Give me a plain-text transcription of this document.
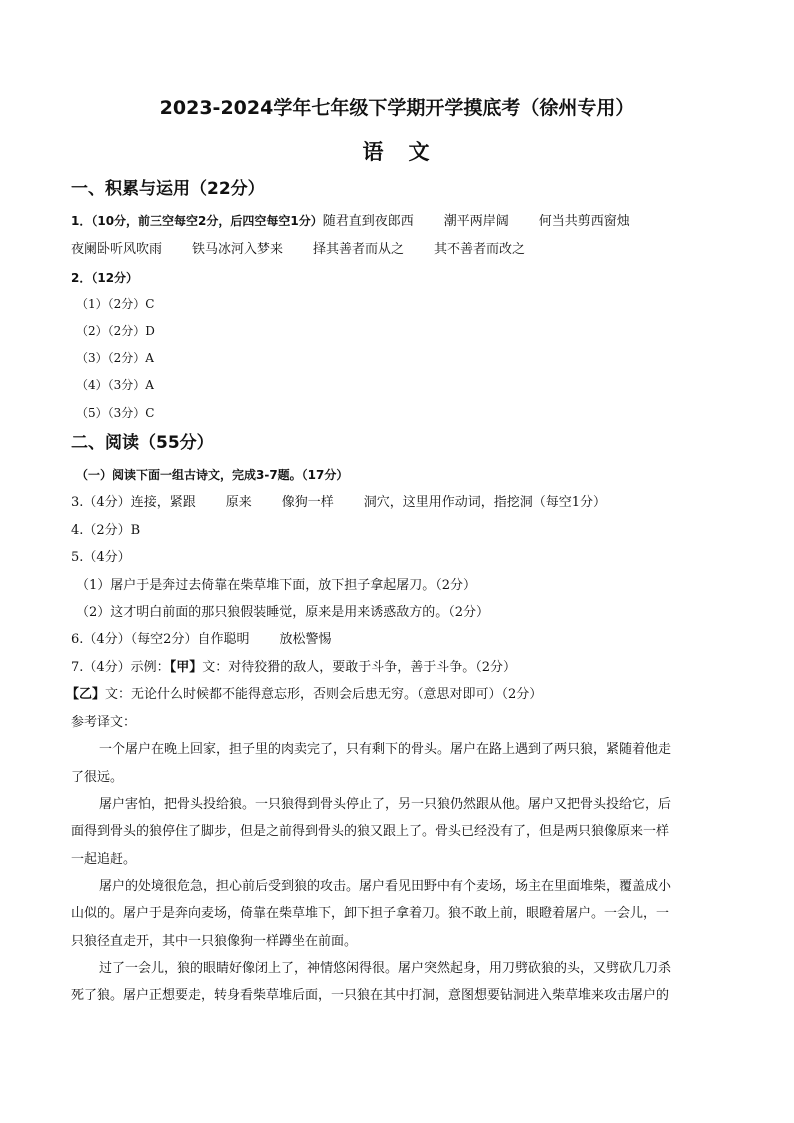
2023-2024学年七年级下学期开学摸底考（徐州专用）
语　文
一、积累与运用（22分）
1．（10分，前三空每空2分，后四空每空1分）随君直到夜郎西 潮平两岸阔 何当共剪西窗烛
夜阑卧听风吹雨 铁马冰河入梦来 择其善者而从之 其不善者而改之
2．（12分）
（1）（2分）C
（2）（2分）D
（3）（2分）A
（4）（3分）A
（5）（3分）C
二、阅读（55分）
（一）阅读下面一组古诗文，完成3-7题。（17分）
3.（4分）连接，紧跟 原来 像狗一样 洞穴，这里用作动词，指挖洞（每空1分）
4.（2分）B
5.（4分）
（1）屠户于是奔过去倚靠在柴草堆下面，放下担子拿起屠刀。（2分）
（2）这才明白前面的那只狼假装睡觉，原来是用来诱惑敌方的。（2分）
6.（4分）（每空2分）自作聪明 放松警惕
7.（4分）示例：【甲】文：对待狡猾的敌人，要敢于斗争，善于斗争。（2分）
【乙】文：无论什么时候都不能得意忘形，否则会后患无穷。（意思对即可）（2分）
参考译文：
一个屠户在晚上回家，担子里的肉卖完了，只有剩下的骨头。屠户在路上遇到了两只狼，紧随着他走
了很远。
屠户害怕，把骨头投给狼。一只狼得到骨头停止了，另一只狼仍然跟从他。屠户又把骨头投给它，后
面得到骨头的狼停住了脚步，但是之前得到骨头的狼又跟上了。骨头已经没有了，但是两只狼像原来一样
一起追赶。
屠户的处境很危急，担心前后受到狼的攻击。屠户看见田野中有个麦场，场主在里面堆柴，覆盖成小
山似的。屠户于是奔向麦场，倚靠在柴草堆下，卸下担子拿着刀。狼不敢上前，眼瞪着屠户。一会儿，一
只狼径直走开，其中一只狼像狗一样蹲坐在前面。
过了一会儿，狼的眼睛好像闭上了，神情悠闲得很。屠户突然起身，用刀劈砍狼的头，又劈砍几刀杀
死了狼。屠户正想要走，转身看柴草堆后面，一只狼在其中打洞，意图想要钻洞进入柴草堆来攻击屠户的
